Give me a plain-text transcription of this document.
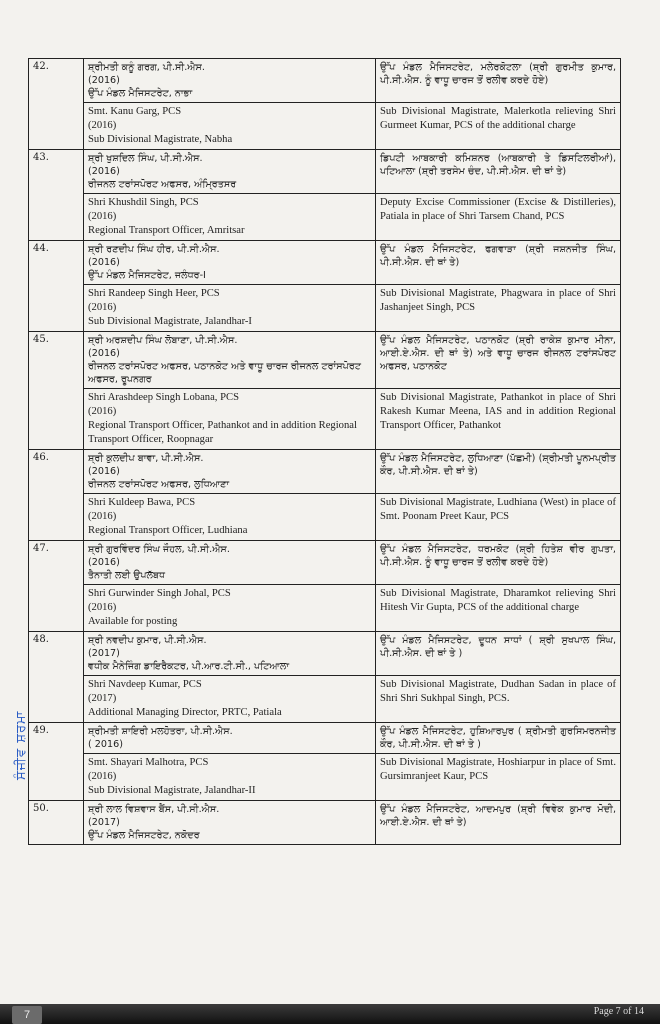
42.	ਸ਼੍ਰੀਮਤੀ ਕਨੂੰ ਗਰਗ, ਪੀ.ਸੀ.ਐਸ.
(2016)
ਉੱਪ ਮੰਡਲ ਮੈਜਿਸਟਰੇਟ, ਨਾਭਾ	ਉੱਪ ਮੰਡਲ ਮੈਜਿਸਟਰੇਟ, ਮਲੇਰਕੋਟਲਾ (ਸ਼੍ਰੀ ਗੁਰਮੀਤ ਕੁਮਾਰ, ਪੀ.ਸੀ.ਐਸ. ਨੂੰ ਵਾਧੂ ਚਾਰਜ ਤੋਂ ਰਲੀਵ ਕਰਦੇ ਹੋਏ)

	Smt. Kanu Garg, PCS
(2016)
Sub Divisional Magistrate, Nabha	Sub Divisional Magistrate, Malerkotla relieving Shri Gurmeet Kumar, PCS of the additional charge
43.	ਸ਼੍ਰੀ ਖੁਸ਼ਦਿਲ ਸਿੰਘ, ਪੀ.ਸੀ.ਐਸ.
(2016)
ਰੀਜਨਲ ਟਰਾਂਸਪੋਰਟ ਅਫਸਰ, ਅੰਮ੍ਰਿਤਸਰ	ਡਿਪਟੀ ਆਬਕਾਰੀ ਕਮਿਸ਼ਨਰ (ਆਬਕਾਰੀ ਤੇ ਡਿਸਟਿਲਰੀਆਂ), ਪਟਿਆਲਾ (ਸ਼੍ਰੀ ਤਰਸੇਮ ਚੰਦ, ਪੀ.ਸੀ.ਐਸ. ਦੀ ਥਾਂ ਤੇ)

	Shri Khushdil Singh, PCS
(2016)
Regional Transport Officer, Amritsar	Deputy Excise Commissioner (Excise & Distilleries), Patiala in place of Shri Tarsem Chand, PCS
44.	ਸ਼੍ਰੀ ਰਣਦੀਪ ਸਿੰਘ ਹੀਰ, ਪੀ.ਸੀ.ਐਸ.
(2016)
ਉੱਪ ਮੰਡਲ ਮੈਜਿਸਟਰੇਟ, ਜਲੰਧਰ-I	ਉੱਪ ਮੰਡਲ ਮੈਜਿਸਟਰੇਟ, ਫਗਵਾੜਾ (ਸ਼੍ਰੀ ਜਸ਼ਨਜੀਤ ਸਿੰਘ, ਪੀ.ਸੀ.ਐਸ. ਦੀ ਥਾਂ ਤੇ)

	Shri Randeep Singh Heer, PCS
(2016)
Sub Divisional Magistrate, Jalandhar-I	Sub Divisional Magistrate, Phagwara in place of Shri Jashanjeet Singh, PCS
45.	ਸ਼੍ਰੀ ਅਰਸ਼ਦੀਪ ਸਿੰਘ ਲੋਬਾਣਾ, ਪੀ.ਸੀ.ਐਸ.
(2016)
ਰੀਜਨਲ ਟਰਾਂਸਪੋਰਟ ਅਫਸਰ, ਪਠਾਨਕੋਟ ਅਤੇ ਵਾਧੂ ਚਾਰਜ ਰੀਜਨਲ ਟਰਾਂਸਪੋਰਟ ਅਫਸਰ, ਰੂਪਨਗਰ	ਉੱਪ ਮੰਡਲ ਮੈਜਿਸਟਰੇਟ, ਪਠਾਨਕੋਟ (ਸ਼੍ਰੀ ਰਾਕੇਸ਼ ਕੁਮਾਰ ਮੀਨਾ, ਆਈ.ਏ.ਐਸ. ਦੀ ਥਾਂ ਤੇ) ਅਤੇ ਵਾਧੂ ਚਾਰਜ ਰੀਜਨਲ ਟਰਾਂਸਪੋਰਟ ਅਫਸਰ, ਪਠਾਨਕੋਟ

	Shri Arashdeep Singh Lobana, PCS
(2016)
Regional Transport Officer, Pathankot and in addition Regional Transport Officer, Roopnagar	Sub Divisional Magistrate, Pathankot in place of Shri Rakesh Kumar Meena, IAS and in addition Regional Transport Officer, Pathankot
46.	ਸ਼੍ਰੀ ਕੁਲਦੀਪ ਬਾਵਾ, ਪੀ.ਸੀ.ਐਸ.
(2016)
ਰੀਜਨਲ ਟਰਾਂਸਪੋਰਟ ਅਫਸਰ, ਲੁਧਿਆਣਾ	ਉੱਪ ਮੰਡਲ ਮੈਜਿਸਟਰੇਟ, ਲੁਧਿਆਣਾ (ਪੱਛਮੀ) (ਸ਼੍ਰੀਮਤੀ ਪੂਨਮਪ੍ਰੀਤ ਕੌਰ, ਪੀ.ਸੀ.ਐਸ. ਦੀ ਥਾਂ ਤੇ)

	Shri Kuldeep Bawa, PCS
(2016)
Regional Transport Officer, Ludhiana	Sub Divisional Magistrate, Ludhiana (West) in place of Smt. Poonam Preet Kaur, PCS
47.	ਸ਼੍ਰੀ ਗੁਰਵਿੰਦਰ ਸਿੰਘ ਜੌਹਲ, ਪੀ.ਸੀ.ਐਸ.
(2016)
ਤੈਨਾਤੀ ਲਈ ਉਪਲੱਬਧ	ਉੱਪ ਮੰਡਲ ਮੈਜਿਸਟਰੇਟ, ਧਰਮਕੋਟ (ਸ਼੍ਰੀ ਹਿਤੇਸ਼ ਵੀਰ ਗੁਪਤਾ, ਪੀ.ਸੀ.ਐਸ. ਨੂੰ ਵਾਧੂ ਚਾਰਜ ਤੋਂ ਰਲੀਵ ਕਰਦੇ ਹੋਏ)

	Shri Gurwinder Singh Johal, PCS
(2016)
Available for posting	Sub Divisional Magistrate, Dharamkot relieving Shri Hitesh Vir Gupta, PCS of the additional charge
48.	ਸ਼੍ਰੀ ਨਵਦੀਪ ਕੁਮਾਰ, ਪੀ.ਸੀ.ਐਸ.
(2017)
ਵਧੀਕ ਮੈਨੇਜਿੰਗ ਡਾਇਰੈਕਟਰ, ਪੀ.ਆਰ.ਟੀ.ਸੀ., ਪਟਿਆਲਾ	ਉੱਪ ਮੰਡਲ ਮੈਜਿਸਟਰੇਟ, ਦੂਧਨ ਸਾਧਾਂ ( ਸ਼੍ਰੀ ਸੁਖਪਾਲ ਸਿੰਘ, ਪੀ.ਸੀ.ਐਸ. ਦੀ ਥਾਂ ਤੇ )

	Shri Navdeep Kumar, PCS
(2017)
Additional Managing Director, PRTC, Patiala	Sub Divisional Magistrate, Dudhan Sadan in place of Shri Shri Sukhpal Singh, PCS.
49.	ਸ਼੍ਰੀਮਤੀ ਸ਼ਾਇਰੀ ਮਲਹੋਤਰਾ, ਪੀ.ਸੀ.ਐਸ.
( 2016)	ਉੱਪ ਮੰਡਲ ਮੈਜਿਸਟਰੇਟ, ਹੁਸ਼ਿਆਰਪੁਰ ( ਸ਼੍ਰੀਮਤੀ ਗੁਰਸਿਮਰਨਜੀਤ ਕੌਰ, ਪੀ.ਸੀ.ਐਸ. ਦੀ ਥਾਂ ਤੇ )

	Smt. Shayari Malhotra, PCS
(2016)
Sub Divisional Magistrate, Jalandhar-II	Sub Divisional Magistrate, Hoshiarpur in place of Smt. Gursimranjeet Kaur, PCS
50.	ਸ਼੍ਰੀ ਲਾਲ ਵਿਸ਼ਵਾਸ ਬੈਂਸ, ਪੀ.ਸੀ.ਐਸ.
(2017)
ਉੱਪ ਮੰਡਲ ਮੈਜਿਸਟਰੇਟ, ਨਕੋਦਰ	ਉੱਪ ਮੰਡਲ ਮੈਜਿਸਟਰੇਟ, ਆਦਮਪੁਰ (ਸ਼੍ਰੀ ਵਿਵੇਕ ਕੁਮਾਰ ਮੋਦੀ, ਆਈ.ਏ.ਐਸ. ਦੀ ਥਾਂ ਤੇ)
ਸੰਜੀਵ ਸ਼ਰਮਾ
7	Page 7 of 14
